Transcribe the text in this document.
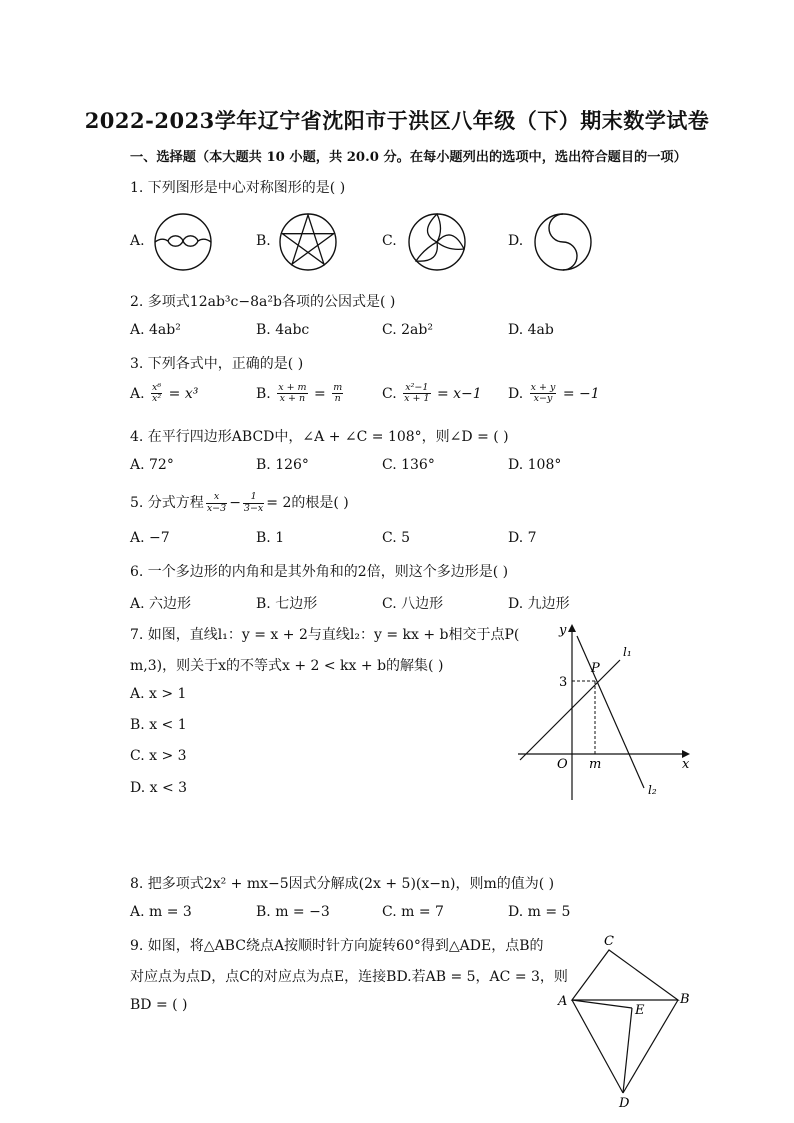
2022-2023学年辽宁省沈阳市于洪区八年级（下）期末数学试卷
一、选择题（本大题共 10 小题，共 20.0 分。在每小题列出的选项中，选出符合题目的一项）
1. 下列图形是中心对称图形的是( )
A.	B.	C.	D.
2. 多项式12ab³c−8a²b各项的公因式是( )
A. 4ab²	B. 4abc	C. 2ab²	D. 4ab
3. 下列各式中，正确的是( )
A. $\frac{\text{x⁶}}{\text{x²}} = x^3$	B. $\frac{x + m}{x + n} = \frac{m}{n}$	C. $\frac{\text{x²−1}}{x + 1} = x-1$ D. $\frac{x + y}{x-y} = -1$
4. 在平行四边形ABCD中，∠A + ∠C = 108°，则∠D = ( )
A. 72°	B. 126°	C. 136°	D. 108°
5. 分式方程 $\frac{x}{x-3} - \frac{1}{3-x} = 2$的根是( )
A. −7	B. 1	C. 5	D. 7
6. 一个多边形的内角和是其外角和的2倍，则这个多边形是( )
A. 六边形	B. 七边形	C. 八边形	D. 九边形
7. 如图，直线l₁：y = x + 2与直线l₂：y = kx + b相交于点P(
m,3)，则关于x的不等式x + 2 < kx + b的解集( )
A. x > 1
B. x < 1
C. x > 3
D. x < 3
y
x
O m
3
P
l₁
l₂
8. 把多项式2x² + mx−5因式分解成(2x + 5)(x−n)，则m的值为( )
A. m = 3	B. m = −3	C. m = 7	D. m = 5
9. 如图，将△ABC绕点A按顺时针方向旋转60°得到△ADE，点B的
对应点为点D，点C的对应点为点E，连接BD.若AB = 5，AC = 3，则
BD = ( )
C
A	B
E
D
